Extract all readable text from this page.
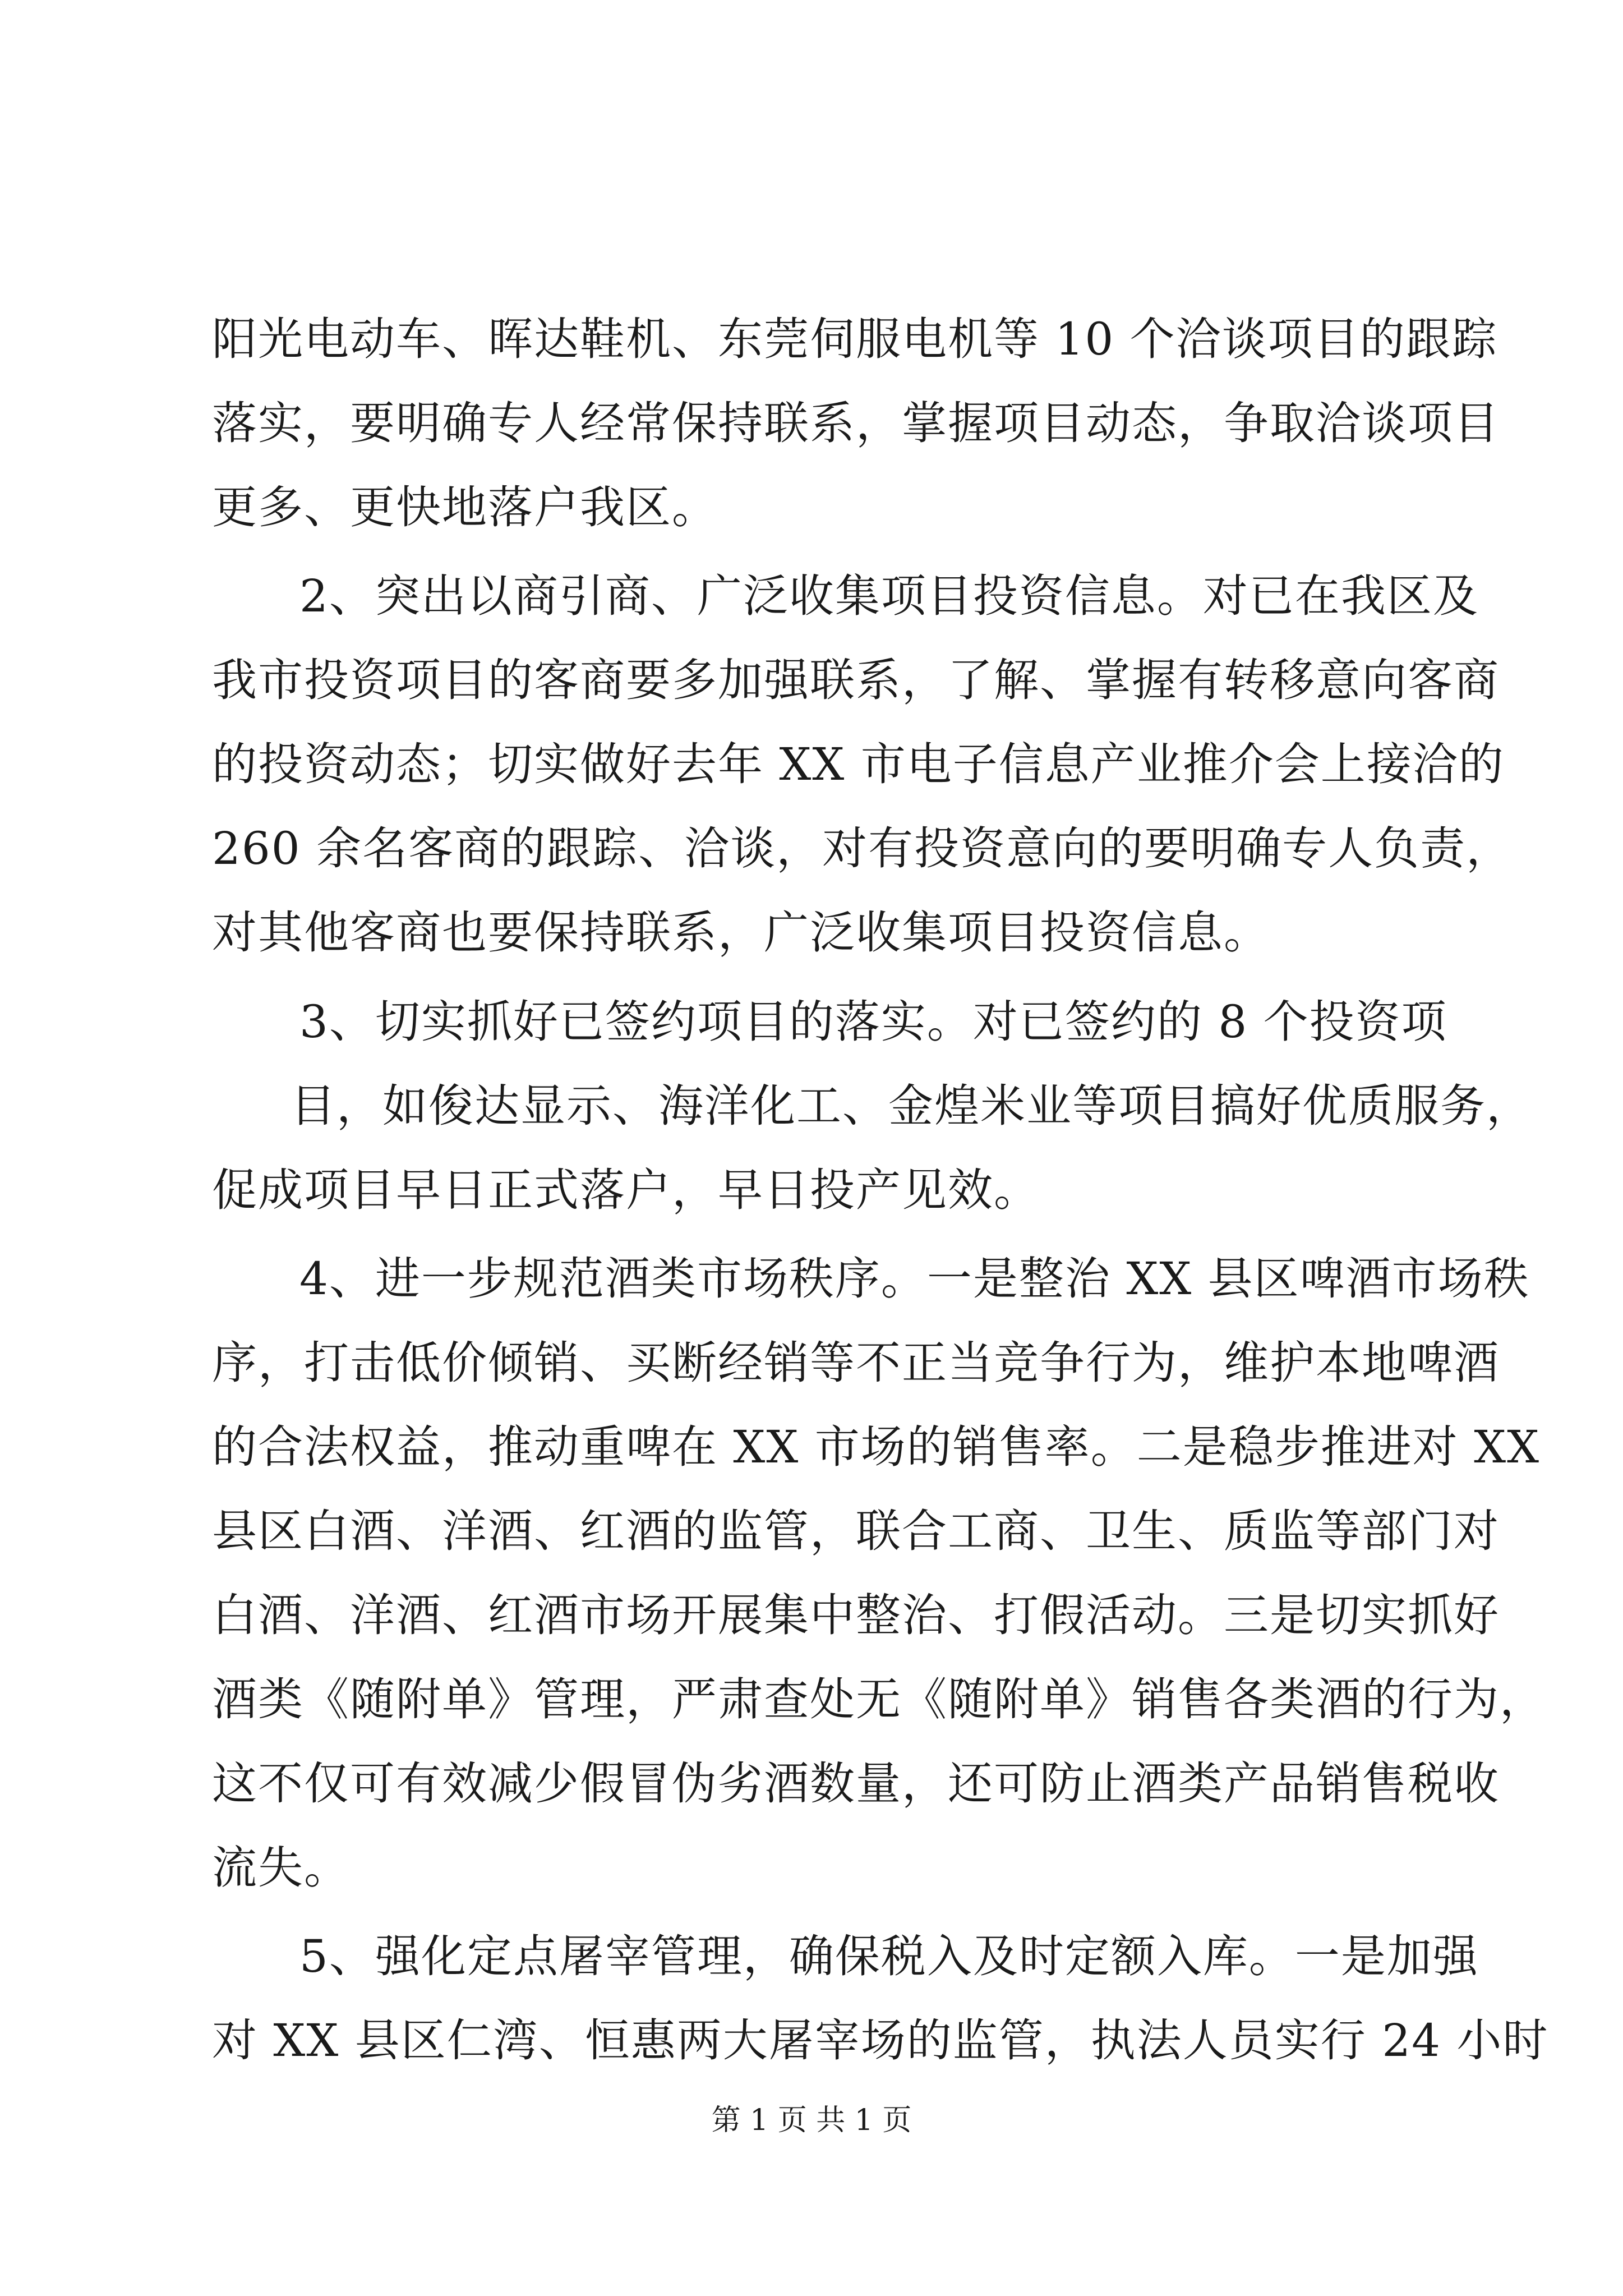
阳光电动车、晖达鞋机、东莞伺服电机等 10 个洽谈项目的跟踪
落实，要明确专人经常保持联系，掌握项目动态，争取洽谈项目
更多、更快地落户我区。
2、突出以商引商、广泛收集项目投资信息。对已在我区及
我市投资项目的客商要多加强联系，了解、掌握有转移意向客商
的投资动态；切实做好去年 XX 市电子信息产业推介会上接洽的
260 余名客商的跟踪、洽谈，对有投资意向的要明确专人负责，
对其他客商也要保持联系，广泛收集项目投资信息。
3、切实抓好已签约项目的落实。对已签约的 8 个投资项
目，如俊达显示、海洋化工、金煌米业等项目搞好优质服务，
促成项目早日正式落户，早日投产见效。
4、进一步规范酒类市场秩序。一是整治 XX 县区啤酒市场秩
序，打击低价倾销、买断经销等不正当竞争行为，维护本地啤酒
的合法权益，推动重啤在 XX 市场的销售率。二是稳步推进对 XX
县区白酒、洋酒、红酒的监管，联合工商、卫生、质监等部门对
白酒、洋酒、红酒市场开展集中整治、打假活动。三是切实抓好
酒类《随附单》管理，严肃查处无《随附单》销售各类酒的行为，
这不仅可有效减少假冒伪劣酒数量，还可防止酒类产品销售税收
流失。
5、强化定点屠宰管理，确保税入及时定额入库。一是加强
对 XX 县区仁湾、恒惠两大屠宰场的监管，执法人员实行 24 小时
第 1 页 共 1 页
